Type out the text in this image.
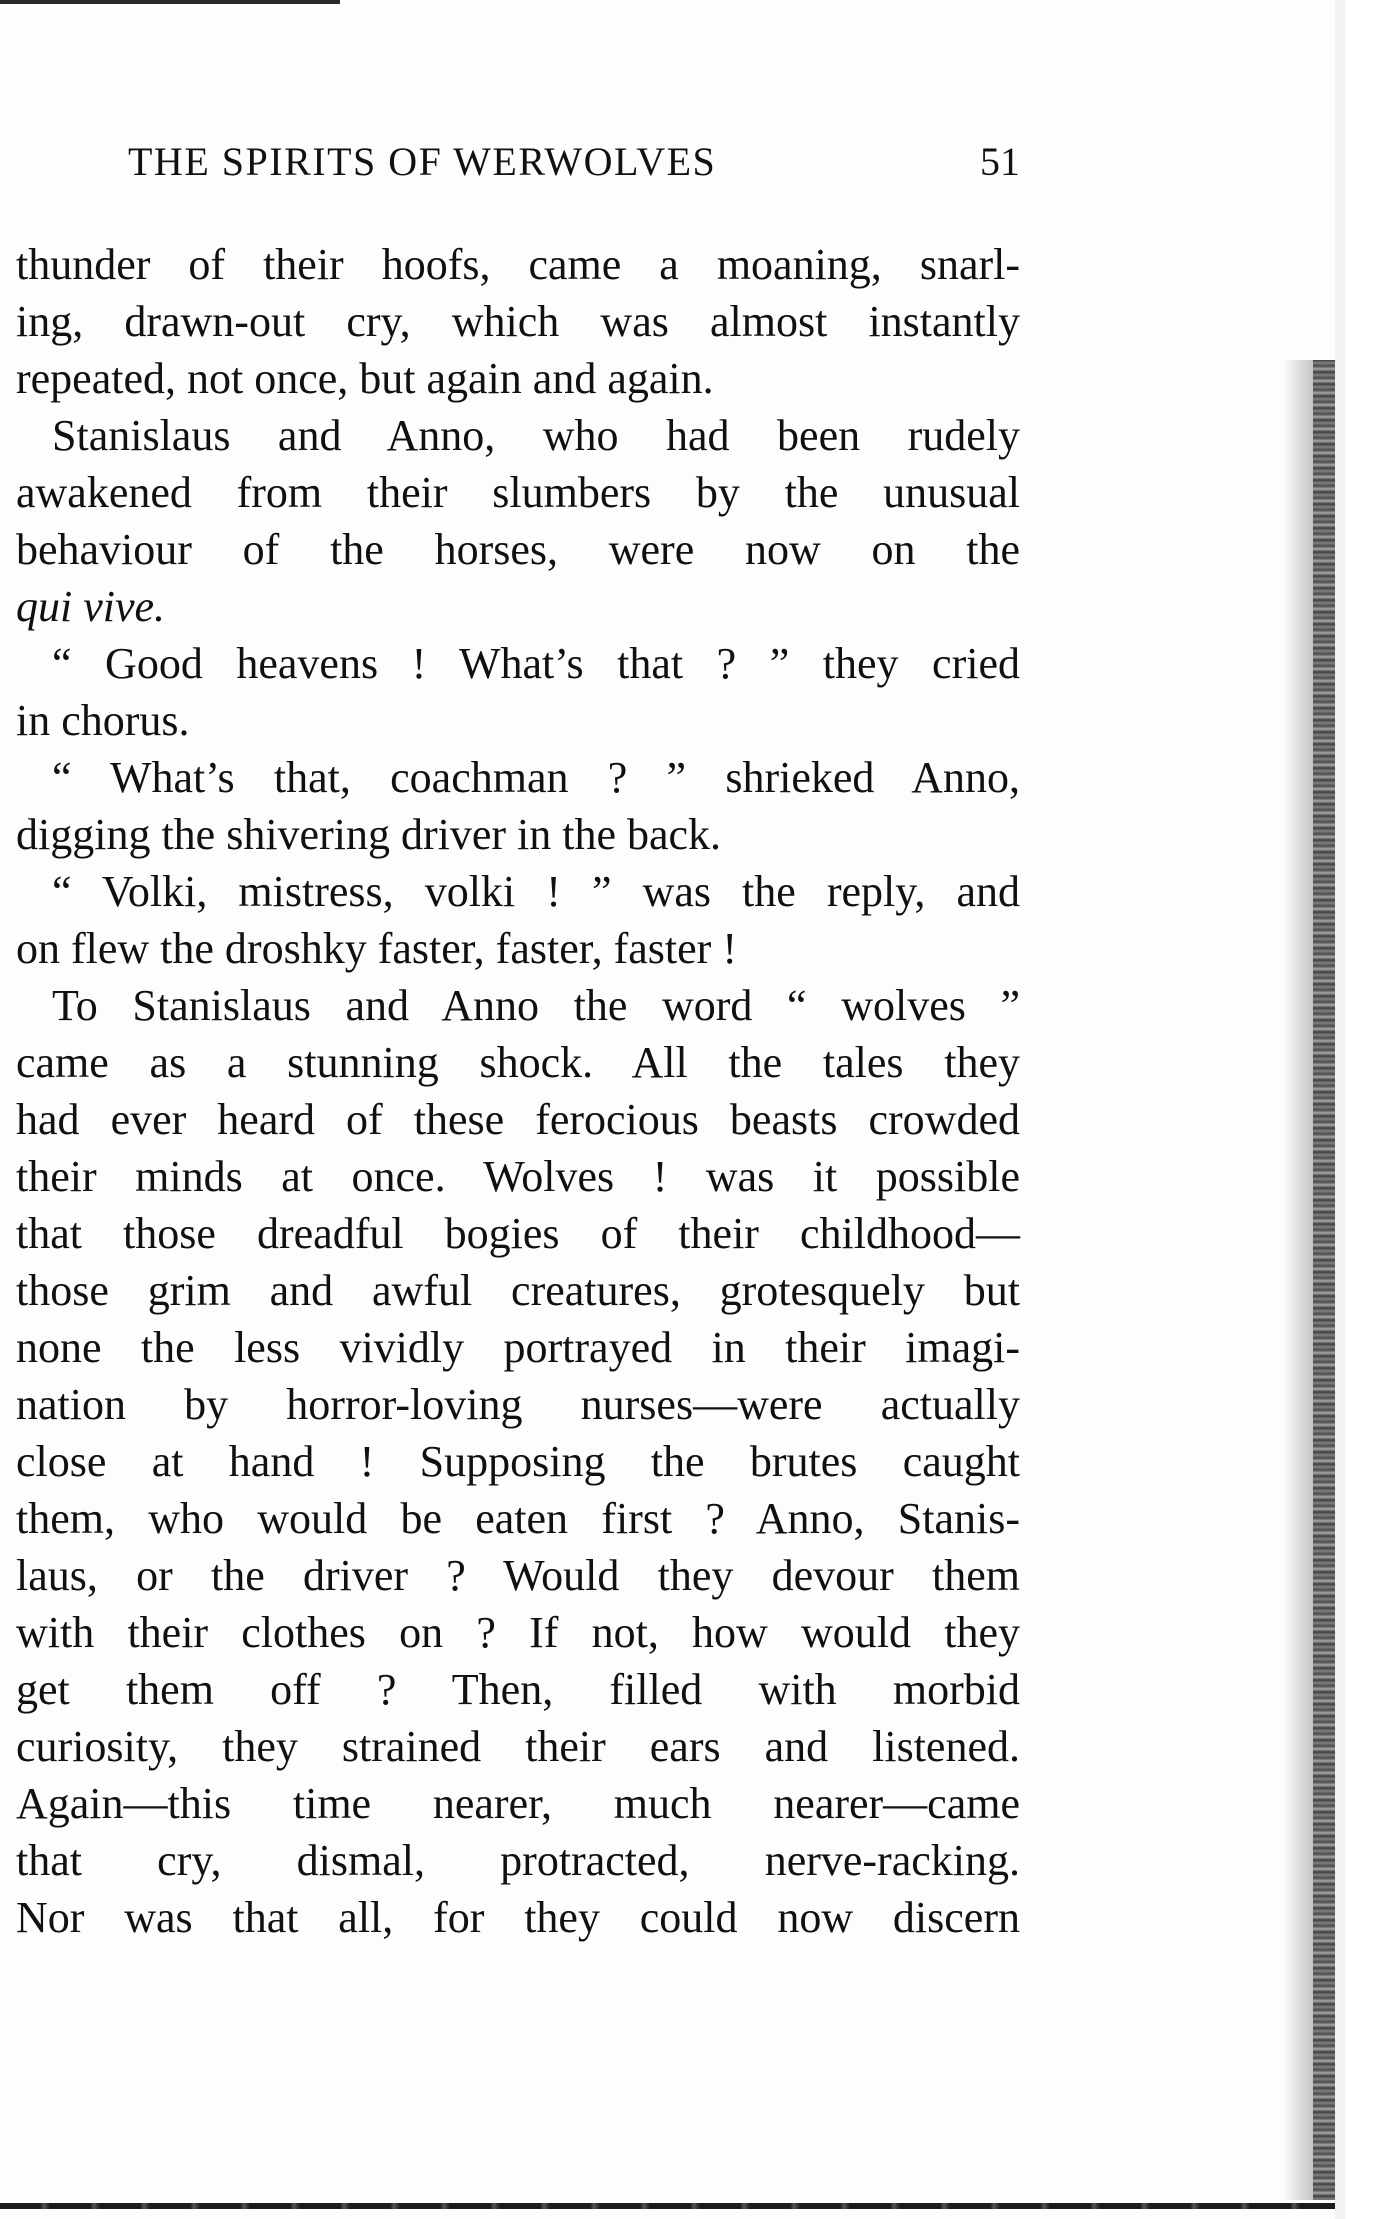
THE SPIRITS OF WERWOLVES	51
thunder of their hoofs, came a moaning, snarl-
ing, drawn-out cry, which was almost instantly
repeated, not once, but again and again.
Stanislaus and Anno, who had been rudely
awakened from their slumbers by the unusual
behaviour of the horses, were now on the
qui vive.
“ Good heavens ! What’s that ? ” they cried
in chorus.
“ What’s that, coachman ? ” shrieked Anno,
digging the shivering driver in the back.
“ Volki, mistress, volki ! ” was the reply, and
on flew the droshky faster, faster, faster !
To Stanislaus and Anno the word “ wolves ”
came as a stunning shock. All the tales they
had ever heard of these ferocious beasts crowded
their minds at once. Wolves ! was it possible
that those dreadful bogies of their childhood—
those grim and awful creatures, grotesquely but
none the less vividly portrayed in their imagi-
nation by horror-loving nurses—were actually
close at hand ! Supposing the brutes caught
them, who would be eaten first ? Anno, Stanis-
laus, or the driver ? Would they devour them
with their clothes on ? If not, how would they
get them off ? Then, filled with morbid
curiosity, they strained their ears and listened.
Again—this time nearer, much nearer—came
that cry, dismal, protracted, nerve-racking.
Nor was that all, for they could now discern
